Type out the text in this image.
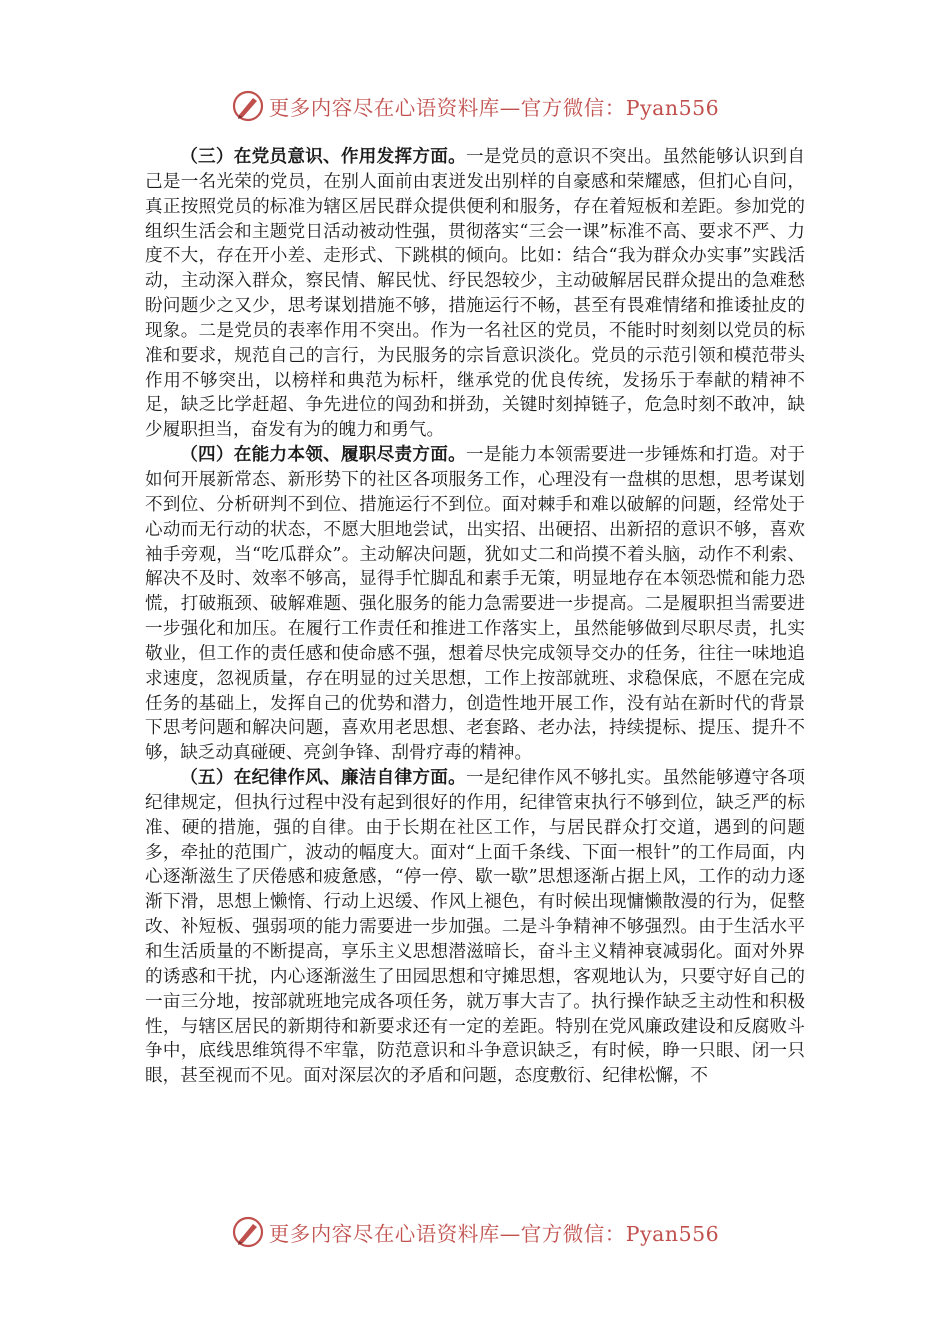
更多内容尽在心语资料库—官方微信：Pyan556

（三）在党员意识、作用发挥方面。一是党员的意识不突出。虽然能够认识到自己是一名光荣的党员，在别人面前由衷迸发出别样的自豪感和荣耀感，但扪心自问，真正按照党员的标准为辖区居民群众提供便利和服务，存在着短板和差距。参加党的组织生活会和主题党日活动被动性强，贯彻落实“三会一课”标准不高、要求不严、力度不大，存在开小差、走形式、下跳棋的倾向。比如：结合“我为群众办实事”实践活动，主动深入群众，察民情、解民忧、纾民怨较少，主动破解居民群众提出的急难愁盼问题少之又少，思考谋划措施不够，措施运行不畅，甚至有畏难情绪和推诿扯皮的现象。二是党员的表率作用不突出。作为一名社区的党员，不能时时刻刻以党员的标准和要求，规范自己的言行，为民服务的宗旨意识淡化。党员的示范引领和模范带头作用不够突出，以榜样和典范为标杆，继承党的优良传统，发扬乐于奉献的精神不足，缺乏比学赶超、争先进位的闯劲和拼劲，关键时刻掉链子，危急时刻不敢冲，缺少履职担当，奋发有为的魄力和勇气。

（四）在能力本领、履职尽责方面。一是能力本领需要进一步锤炼和打造。对于如何开展新常态、新形势下的社区各项服务工作，心理没有一盘棋的思想，思考谋划不到位、分析研判不到位、措施运行不到位。面对棘手和难以破解的问题，经常处于心动而无行动的状态，不愿大胆地尝试，出实招、出硬招、出新招的意识不够，喜欢袖手旁观，当“吃瓜群众”。主动解决问题，犹如丈二和尚摸不着头脑，动作不利索、解决不及时、效率不够高，显得手忙脚乱和素手无策，明显地存在本领恐慌和能力恐慌，打破瓶颈、破解难题、强化服务的能力急需要进一步提高。二是履职担当需要进一步强化和加压。在履行工作责任和推进工作落实上，虽然能够做到尽职尽责，扎实敬业，但工作的责任感和使命感不强，想着尽快完成领导交办的任务，往往一味地追求速度，忽视质量，存在明显的过关思想，工作上按部就班、求稳保底，不愿在完成任务的基础上，发挥自己的优势和潜力，创造性地开展工作，没有站在新时代的背景下思考问题和解决问题，喜欢用老思想、老套路、老办法，持续提标、提压、提升不够，缺乏动真碰硬、亮剑争锋、刮骨疗毒的精神。

（五）在纪律作风、廉洁自律方面。一是纪律作风不够扎实。虽然能够遵守各项纪律规定，但执行过程中没有起到很好的作用，纪律管束执行不够到位，缺乏严的标准、硬的措施，强的自律。由于长期在社区工作，与居民群众打交道，遇到的问题多，牵扯的范围广，波动的幅度大。面对“上面千条线、下面一根针”的工作局面，内心逐渐滋生了厌倦感和疲惫感，“停一停、歇一歇”思想逐渐占据上风，工作的动力逐渐下滑，思想上懒惰、行动上迟缓、作风上褪色，有时候出现慵懒散漫的行为，促整改、补短板、强弱项的能力需要进一步加强。二是斗争精神不够强烈。由于生活水平和生活质量的不断提高，享乐主义思想潜滋暗长，奋斗主义精神衰减弱化。面对外界的诱惑和干扰，内心逐渐滋生了田园思想和守摊思想，客观地认为，只要守好自己的一亩三分地，按部就班地完成各项任务，就万事大吉了。执行操作缺乏主动性和积极性，与辖区居民的新期待和新要求还有一定的差距。特别在党风廉政建设和反腐败斗争中，底线思维筑得不牢靠，防范意识和斗争意识缺乏，有时候，睁一只眼、闭一只眼，甚至视而不见。面对深层次的矛盾和问题，态度敷衍、纪律松懈，不

更多内容尽在心语资料库—官方微信：Pyan556
